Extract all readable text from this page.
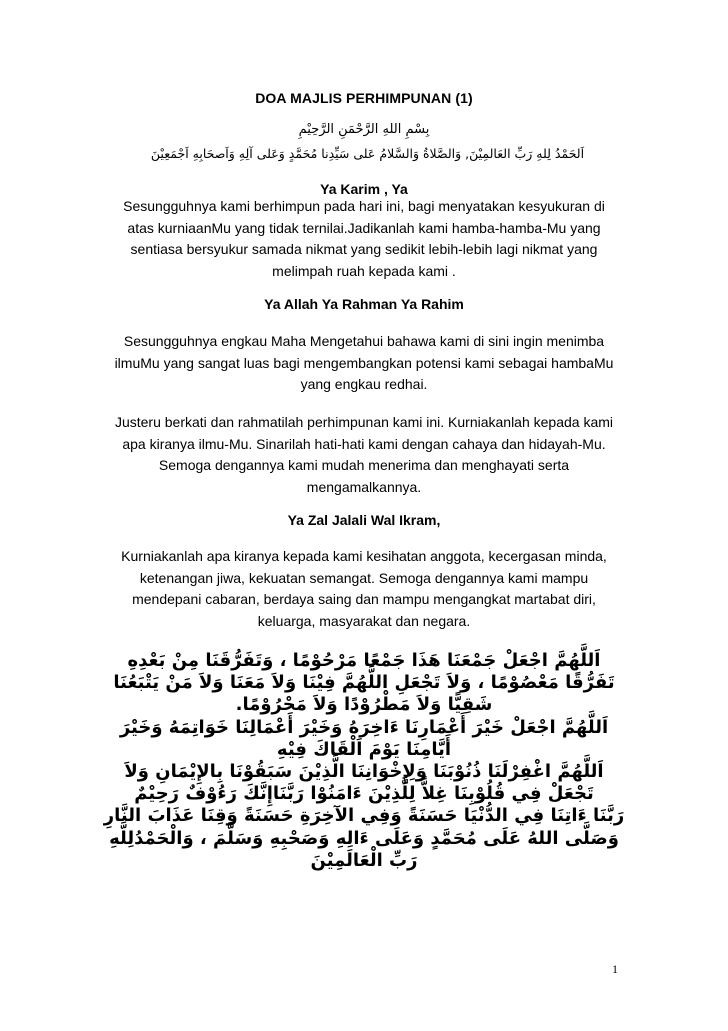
DOA MAJLIS PERHIMPUNAN (1)
بِسْمِ اللهِ الرَّحْمَنِ الرَّحِيْمِ
اَلحَمْدُ لِلهِ رَبِّ العَالمِيْنَ, وَالصَّلاةُ وَالسَّلامُ عَلى سَيِّدِنا مُحَمَّدٍ وَعَلى آلِهِ وَاَصحَابِهِ اَجْمَعِيْنَ
Ya Karim , Ya
Sesungguhnya kami berhimpun pada hari ini, bagi menyatakan kesyukuran di
atas kurniaanMu yang tidak ternilai.Jadikanlah kami hamba-hamba-Mu yang
sentiasa bersyukur samada nikmat yang sedikit lebih-lebih lagi nikmat yang
melimpah ruah kepada kami .
Ya Allah Ya Rahman Ya Rahim
Sesungguhnya engkau Maha Mengetahui bahawa kami di sini ingin menimba
ilmuMu yang sangat luas bagi mengembangkan potensi kami sebagai hambaMu
yang engkau redhai.
Justeru berkati dan rahmatilah perhimpunan kami ini. Kurniakanlah kepada kami
apa kiranya ilmu-Mu. Sinarilah hati-hati kami dengan cahaya dan hidayah-Mu.
Semoga dengannya kami mudah menerima dan menghayati serta
mengamalkannya.
Ya Zal Jalali Wal Ikram,
Kurniakanlah apa kiranya kepada kami kesihatan anggota, kecergasan minda,
ketenangan jiwa, kekuatan semangat. Semoga dengannya kami mampu
mendepani cabaran, berdaya saing dan mampu mengangkat martabat diri,
keluarga, masyarakat dan negara.
اَللَّهُمَّ اجْعَلْ جَمْعَنَا هَذَا جَمْعًا مَرْحُوْمًا ، وَتَفَرُّقَنَا مِنْ بَعْدِهِ
تَفَرُّقًا مَعْصُوْمًا ، وَلاَ تَجْعَلِ اللَّهُمَّ فِيْنَا وَلاَ مَعَنَا وَلاَ مَنْ يَتْبَعُنَا
شَقِيًّا وَلاَ مَطْرُوْدًا وَلاَ مَحْرُوْمًا.
اَللَّهُمَّ اجْعَلْ خَيْرَ أَعْمَارِنَا ءَاخِرَهُ وَخَيْرَ أَعْمَالِنَا خَوَاتِمَهُ وَخَيْرَ
أَيَّامِنَا يَوْمَ اَلْقَاكَ فِيْهِ
اَللَّهُمَّ اغْفِرْلَنَا ذُنُوْبَنَا وَلِإِخْوَانِنَا الَّذِيْنَ سَبَقُوْنَا بِالإِيْمَانِ وَلاَ
تَجْعَلْ فِي قُلُوْبِنَا غِلاًّ لِلَّذِيْنَ ءَامَنُوْا رَبَّنَاإِنَّكَ رَءُوْفٌ رَحِيْمٌ
رَبَّنَا ءَاتِنَا فِي الدُّنْيَا حَسَنَةً وَفِي الآخِرَةِ حَسَنَةً وَقِنَا عَذَابَ النَّارِ
وَصَلَّى اللهُ عَلَى مُحَمَّدٍ وَعَلَى ءَالِهِ وَصَحْبِهِ وَسَلَّمَ ، وَالْحَمْدُلِلَّهِ
رَبِّ الْعَالَمِيْنَ
1
